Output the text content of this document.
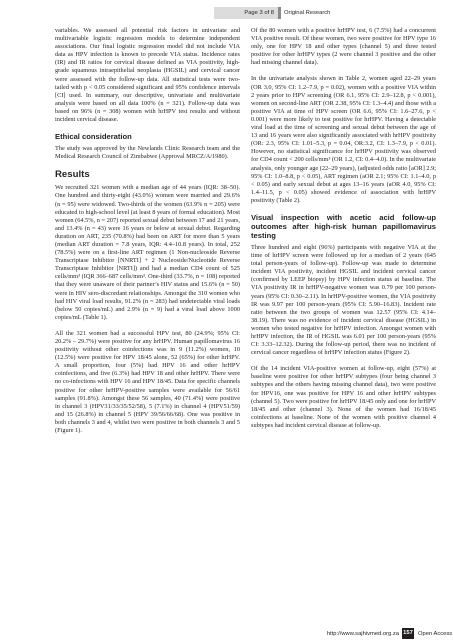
Page 3 of 8	Original Research

variables. We assessed all potential risk factors in univariate and multivariable logistic regression models to determine independent associations. Our final logistic regression model did not include VIA data as HPV infection is known to precede VIA status. Incidence rates (IR) and IR ratios for cervical disease defined as VIA positivity, high-grade squamous intraepithelial neoplasia (HGSIL) and cervical cancer were assessed with the follow-up data. All statistical tests were two-tailed with p < 0.05 considered significant and 95% confidence intervals [CI] used. In summary, our descriptive, univariate and multivariate analysis were based on all data 100% (n = 321). Follow-up data was based on 96% (n = 308) women with hrHPV test results and without incident cervical disease.

Ethical consideration

The study was approved by the Newlands Clinic Research team and the Medical Research Council of Zimbabwe (Approval MRCZ/A/1980).

Results

We recruited 321 women with a median age of 44 years (IQR: 38–50). One hundred and thirty-eight (43.0%) women were married and 29.6% (n = 95) were widowed. Two-thirds of the women (63.9% n = 205) were educated to high-school level (at least 8 years of formal education). Most women (64.5%, n = 207) reported sexual debut between 17 and 21 years, and 13.4% (n = 43) were 16 years or below at sexual debut. Regarding duration on ART, 235 (70.8%) had been on ART for more than 5 years (median ART duration = 7.8 years, IQR: 4.4–10.8 years). In total, 252 (78.5%) were on a first-line ART regimen (1 Non-nucleoside Reverse Transcriptase Inhibitor [NNRTI] + 2 Nucleoside/Nucleotide Reverse Transcriptase Inhibitor [NRTI]) and had a median CD4 count of 525 cells/mm³ (IQR 366–687 cells/mm³. One-third (33.7%, n = 108) reported that they were unaware of their partner’s HIV status and 15.6% (n = 50) were in HIV sero-discordant relationships. Amongst the 310 women who had HIV viral load results, 91.2% (n = 283) had undetectable viral loads (below 50 copies/mL) and 2.9% (n = 9) had a viral load above 1000 copies/mL (Table 1).

All the 321 women had a successful HPV test, 80 (24.9%; 95% CI: 20.2% – 29.7%) were positive for any hrHPV. Human papillomavirus 16 positivity without other coinfections was in 9 (11.2%) women, 10 (12.5%) were positive for HPV 18/45 alone, 52 (65%) for other hrHPV. A small proportion, four (5%) had HPV 16 and other hrHPV coinfections, and five (6.3%) had HPV 18 and other hrHPV. There were no co-infections with HPV 16 and HPV 18/45. Data for specific channels positive for other hrHPV-positive samples were available for 56/61 samples (91.8%). Amongst these 56 samples, 40 (71.4%) were positive in channel 3 (HPV31/33/35/52/58), 5 (7.1%) in channel 4 (HPV51/59) and 15 (26.8%) in channel 5 (HPV 39/56/66/68). One was positive in both channels 3 and 4, whilst two were positive in both channels 3 and 5 (Figure 1).

Of the 80 women with a positive hrHPV test, 6 (7.5%) had a concurrent VIA positive result. Of these women, two were positive for HPV type 16 only, one for HPV 18 and other types (channel 5) and three tested positive for other hrHPV types (2 were channel 3 positive and the other had missing channel data).

In the univariate analysis shown in Table 2, women aged 22–29 years (OR 3.0, 95% CI: 1.2–7.9, p = 0.02), women with a positive VIA within 2 years prior to HPV screening (OR 6.1, 95% CI: 2.9–12.8, p < 0.001), women on second-line ART (OR 2.38, 95% CI: 1.3–4.4) and those with a positive VIA at time of HPV screen (OR 6.6, 95% CI: 1.6–27.6, p < 0.001) were more likely to test positive for hrHPV. Having a detectable viral load at the time of screening and sexual debut between the age of 13 and 16 years were also significantly associated with hrHPV positivity (OR: 2.3, 95% CI: 1.01–5.3, p = 0.04, OR:3.2, CI: 1.3–7.9, p < 0.01). However, no statistical significance for hrHPV positivity was observed for CD4 count < 200 cells/mm³ (OR 1.2, CI: 0.4–4.0). In the multivariate analysis, only younger age (22–29 years), (adjusted odds ratio [aOR] 2.9; 95% CI: 1.0–8.8, p < 0.05), ART regimen (aOR 2.1; 95% CI: 1.1–4.0, p < 0.05) and early sexual debut at ages 13–16 years (aOR 4.0, 95% CI: 1.4–11.5, p < 0.05) showed evidence of association with hrHPV positivity (Table 2).

Visual inspection with acetic acid follow-up outcomes after high-risk human papillomavirus testing

Three hundred and eight (96%) participants with negative VIA at the time of hrHPV screen were followed up for a median of 2 years (645 total person-years of follow-up). Follow-up was made to determine incident VIA positivity, incident HGSIL and incident cervical cancer (confirmed by LEEP biopsy) by HPV infection status at baseline. The VIA positivity IR in hrHPV-negative women was 0.79 per 100 person-years (95% CI: 0.30–2.11). In hrHPV-positive women, the VIA positivity IR was 9.97 per 100 person-years (95% CI: 5.90–16.83). Incident rate ratio between the two groups of women was 12.57 (95% CI: 4.14–38.19). There was no evidence of incident cervical disease (HGSIL) in women who tested negative for hrHPV infection. Amongst women with hrHPV infection, the IR of HGSIL was 6.01 per 100 person-years (95% CI: 3.33–12.32). During the follow-up period, there was no incident of cervical cancer regardless of hrHPV infection status (Figure 2).

Of the 14 incident VIA-positive women at follow-up, eight (57%) at baseline were positive for other hrHPV subtypes (four being channel 3 subtypes and the others having missing channel data), two were positive for HPV16, one was positive for HPV 16 and other hrHPV subtypes (channel 5). Two were positive for hrHPV 18/45 only and one for hrHPV 18/45 and other (channel 3). None of the women had 16/18/45 coinfections at baseline. None of the women with positive channel 4 subtypes had incident cervical disease at follow-up.

http://www.sajhivmed.org.za 157 Open Access
